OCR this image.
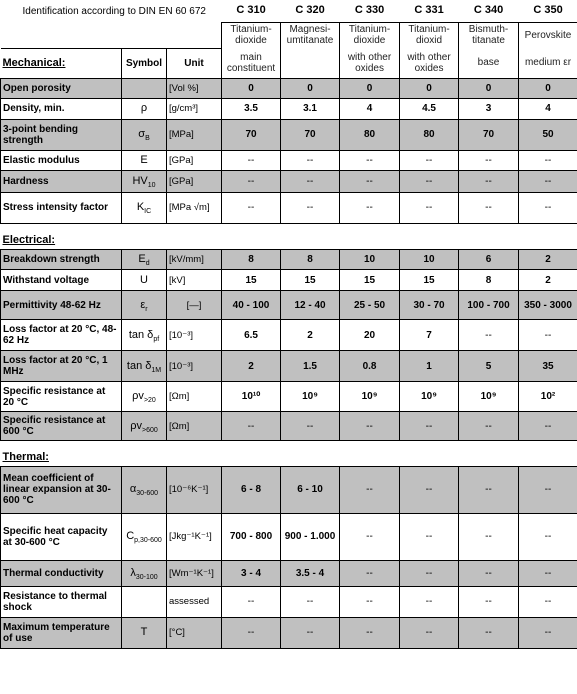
Identification according to DIN EN 60 672			C 310	C 320	C 330	C 331	C 340	C 350
			Titanium-dioxide	Magnesi-umtitanate	Titanium-dioxide	Titanium-dioxid	Bismuth-titanate	Perovskite
Mechanical:	Symbol	Unit	main constituent		with other oxides	with other oxides	base	medium εr
Open porosity		[Vol %]	0	0	0	0	0	0
Density, min.	ρ	[g/cm³]	3.5	3.1	4	4.5	3	4
3-point bending strength	$\sigma_B$	[MPa]	70	70	80	80	70	50
Elastic modulus	E	[GPa]	--	--	--	--	--	--
Hardness	$HV_{10}$	[GPa]	--	--	--	--	--	--
Stress intensity factor	$K_{IC}$	[MPa √m]	--	--	--	--	--	--

Electrical:								
Breakdown strength	$E_d$	[kV/mm]	8	8	10	10	6	2
Withstand voltage	U	[kV]	15	15	15	15	8	2
Permittivity 48-62 Hz	$\varepsilon_r$	[—]	40 - 100	12 - 40	25 - 50	30 - 70	100 - 700	350 - 3000
Loss factor at 20 °C, 48-62 Hz	$\tan \delta_{pf}$	[10⁻³]	6.5	2	20	7	--	--
Loss factor at 20 °C, 1 MHz	$\tan \delta_{1M}$	[10⁻³]	2	1.5	0.8	1	5	35
Specific resistance at 20 °C	$\rho v_{>20}$	[Ωm]	10¹⁰	10⁹	10⁹	10⁹	10⁹	10²
Specific resistance at 600 °C	$\rho v_{>600}$	[Ωm]	--	--	--	--	--	--

Thermal:								
Mean coefficient of linear expansion at 30-600 °C	$\alpha_{30-600}$	[10⁻⁶K⁻¹]	6 - 8	6 - 10	--	--	--	--
Specific heat capacity at 30-600 °C	$C_{p,30-600}$	[Jkg⁻¹K⁻¹]	700 - 800	900 - 1.000	--	--	--	--
Thermal conductivity	$\lambda_{30-100}$	[Wm⁻¹K⁻¹]	3 - 4	3.5 - 4	--	--	--	--
Resistance to thermal shock		assessed	--	--	--	--	--	--
Maximum temperature of use	T	[°C]	--	--	--	--	--	--
